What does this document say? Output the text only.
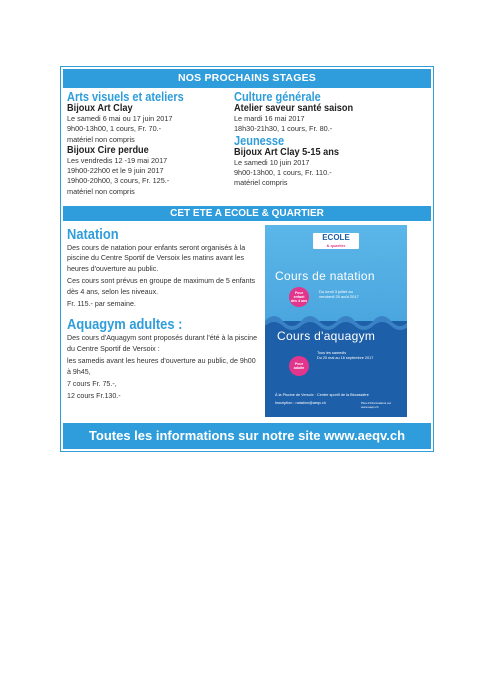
NOS PROCHAINS STAGES
Arts visuels et ateliers
Bijoux Art Clay
Le samedi 6 mai ou 17 juin 2017
9h00-13h00, 1 cours, Fr. 70.-
matériel non compris
Bijoux Cire perdue
Les vendredis 12 -19 mai 2017
19h00-22h00 et le 9 juin 2017
19h00-20h00, 3 cours, Fr. 125.-
matériel non compris
Culture générale
Atelier saveur santé saison
Le mardi 16 mai 2017
18h30-21h30, 1 cours, Fr. 80.-
Jeunesse
Bijoux Art Clay 5-15 ans
Le samedi 10 juin 2017
9h00-13h00, 1 cours, Fr. 110.-
matériel compris
CET ETE A ECOLE & QUARTIER
Natation

Des cours de natation pour enfants seront organisés à la piscine du Centre Sportif de Versoix les matins avant les heures d'ouverture au public.

Ces cours sont prévus en groupe de maximum de 5 enfants dès 4 ans, selon les niveaux.

Fr. 115.- par semaine.

Aquagym adultes :

Des cours d'Aquagym sont proposés durant l'été à la piscine du Centre Sportif de Versoix :

les samedis avant les heures d'ouverture au public, de 9h00 à 9h45,

7 cours Fr. 75.-,
12 cours Fr.130.-
ECOLE
& quartier
Cours de natation
Du lundi 3 juillet au
vendredi 25 août 2017
Pour
enfant
dès 4 ans
Cours d'aquagym
Tous les samedis
Du 20 mai au 16 septembre 2017
Pour
adulte
À la Piscine de Versoix · Centre sportif de la Bécassière
Inscription : natation@aeqv.ch	Plus d'informations sur
www.aeqv.ch
Toutes les informations sur notre site www.aeqv.ch
